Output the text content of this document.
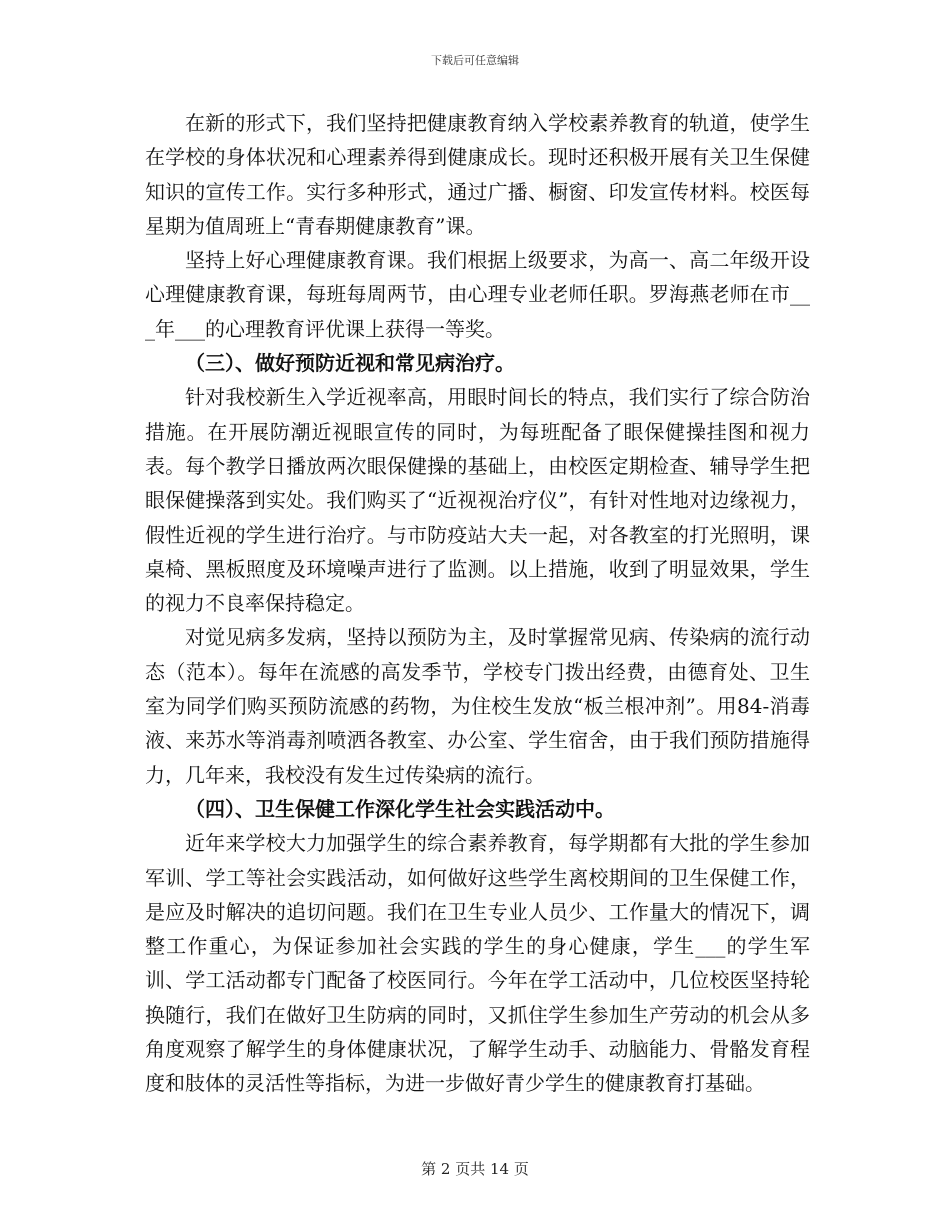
下载后可任意编辑

在新的形式下，我们坚持把健康教育纳入学校素养教育的轨道，使学生在学校的身体状况和心理素养得到健康成长。现时还积极开展有关卫生保健知识的宣传工作。实行多种形式，通过广播、橱窗、印发宣传材料。校医每星期为值周班上“青春期健康教育”课。

坚持上好心理健康教育课。我们根据上级要求，为高一、高二年级开设心理健康教育课，每班每周两节，由心理专业老师任职。罗海燕老师在市___年___的心理教育评优课上获得一等奖。

（三）、做好预防近视和常见病治疗。

针对我校新生入学近视率高，用眼时间长的特点，我们实行了综合防治措施。在开展防潮近视眼宣传的同时，为每班配备了眼保健操挂图和视力表。每个教学日播放两次眼保健操的基础上，由校医定期检查、辅导学生把眼保健操落到实处。我们购买了“近视视治疗仪”，有针对性地对边缘视力，假性近视的学生进行治疗。与市防疫站大夫一起，对各教室的打光照明，课桌椅、黑板照度及环境噪声进行了监测。以上措施，收到了明显效果，学生的视力不良率保持稳定。

对觉见病多发病，坚持以预防为主，及时掌握常见病、传染病的流行动态（范本）。每年在流感的高发季节，学校专门拨出经费，由德育处、卫生室为同学们购买预防流感的药物，为住校生发放“板兰根冲剂”。用84-消毒液、来苏水等消毒剂喷洒各教室、办公室、学生宿舍，由于我们预防措施得力，几年来，我校没有发生过传染病的流行。

（四）、卫生保健工作深化学生社会实践活动中。

近年来学校大力加强学生的综合素养教育，每学期都有大批的学生参加军训、学工等社会实践活动，如何做好这些学生离校期间的卫生保健工作，是应及时解决的追切问题。我们在卫生专业人员少、工作量大的情况下，调整工作重心，为保证参加社会实践的学生的身心健康，学生___的学生军训、学工活动都专门配备了校医同行。今年在学工活动中，几位校医坚持轮换随行，我们在做好卫生防病的同时，又抓住学生参加生产劳动的机会从多角度观察了解学生的身体健康状况，了解学生动手、动脑能力、骨骼发育程度和肢体的灵活性等指标，为进一步做好青少学生的健康教育打基础。

第 2 页共 14 页
